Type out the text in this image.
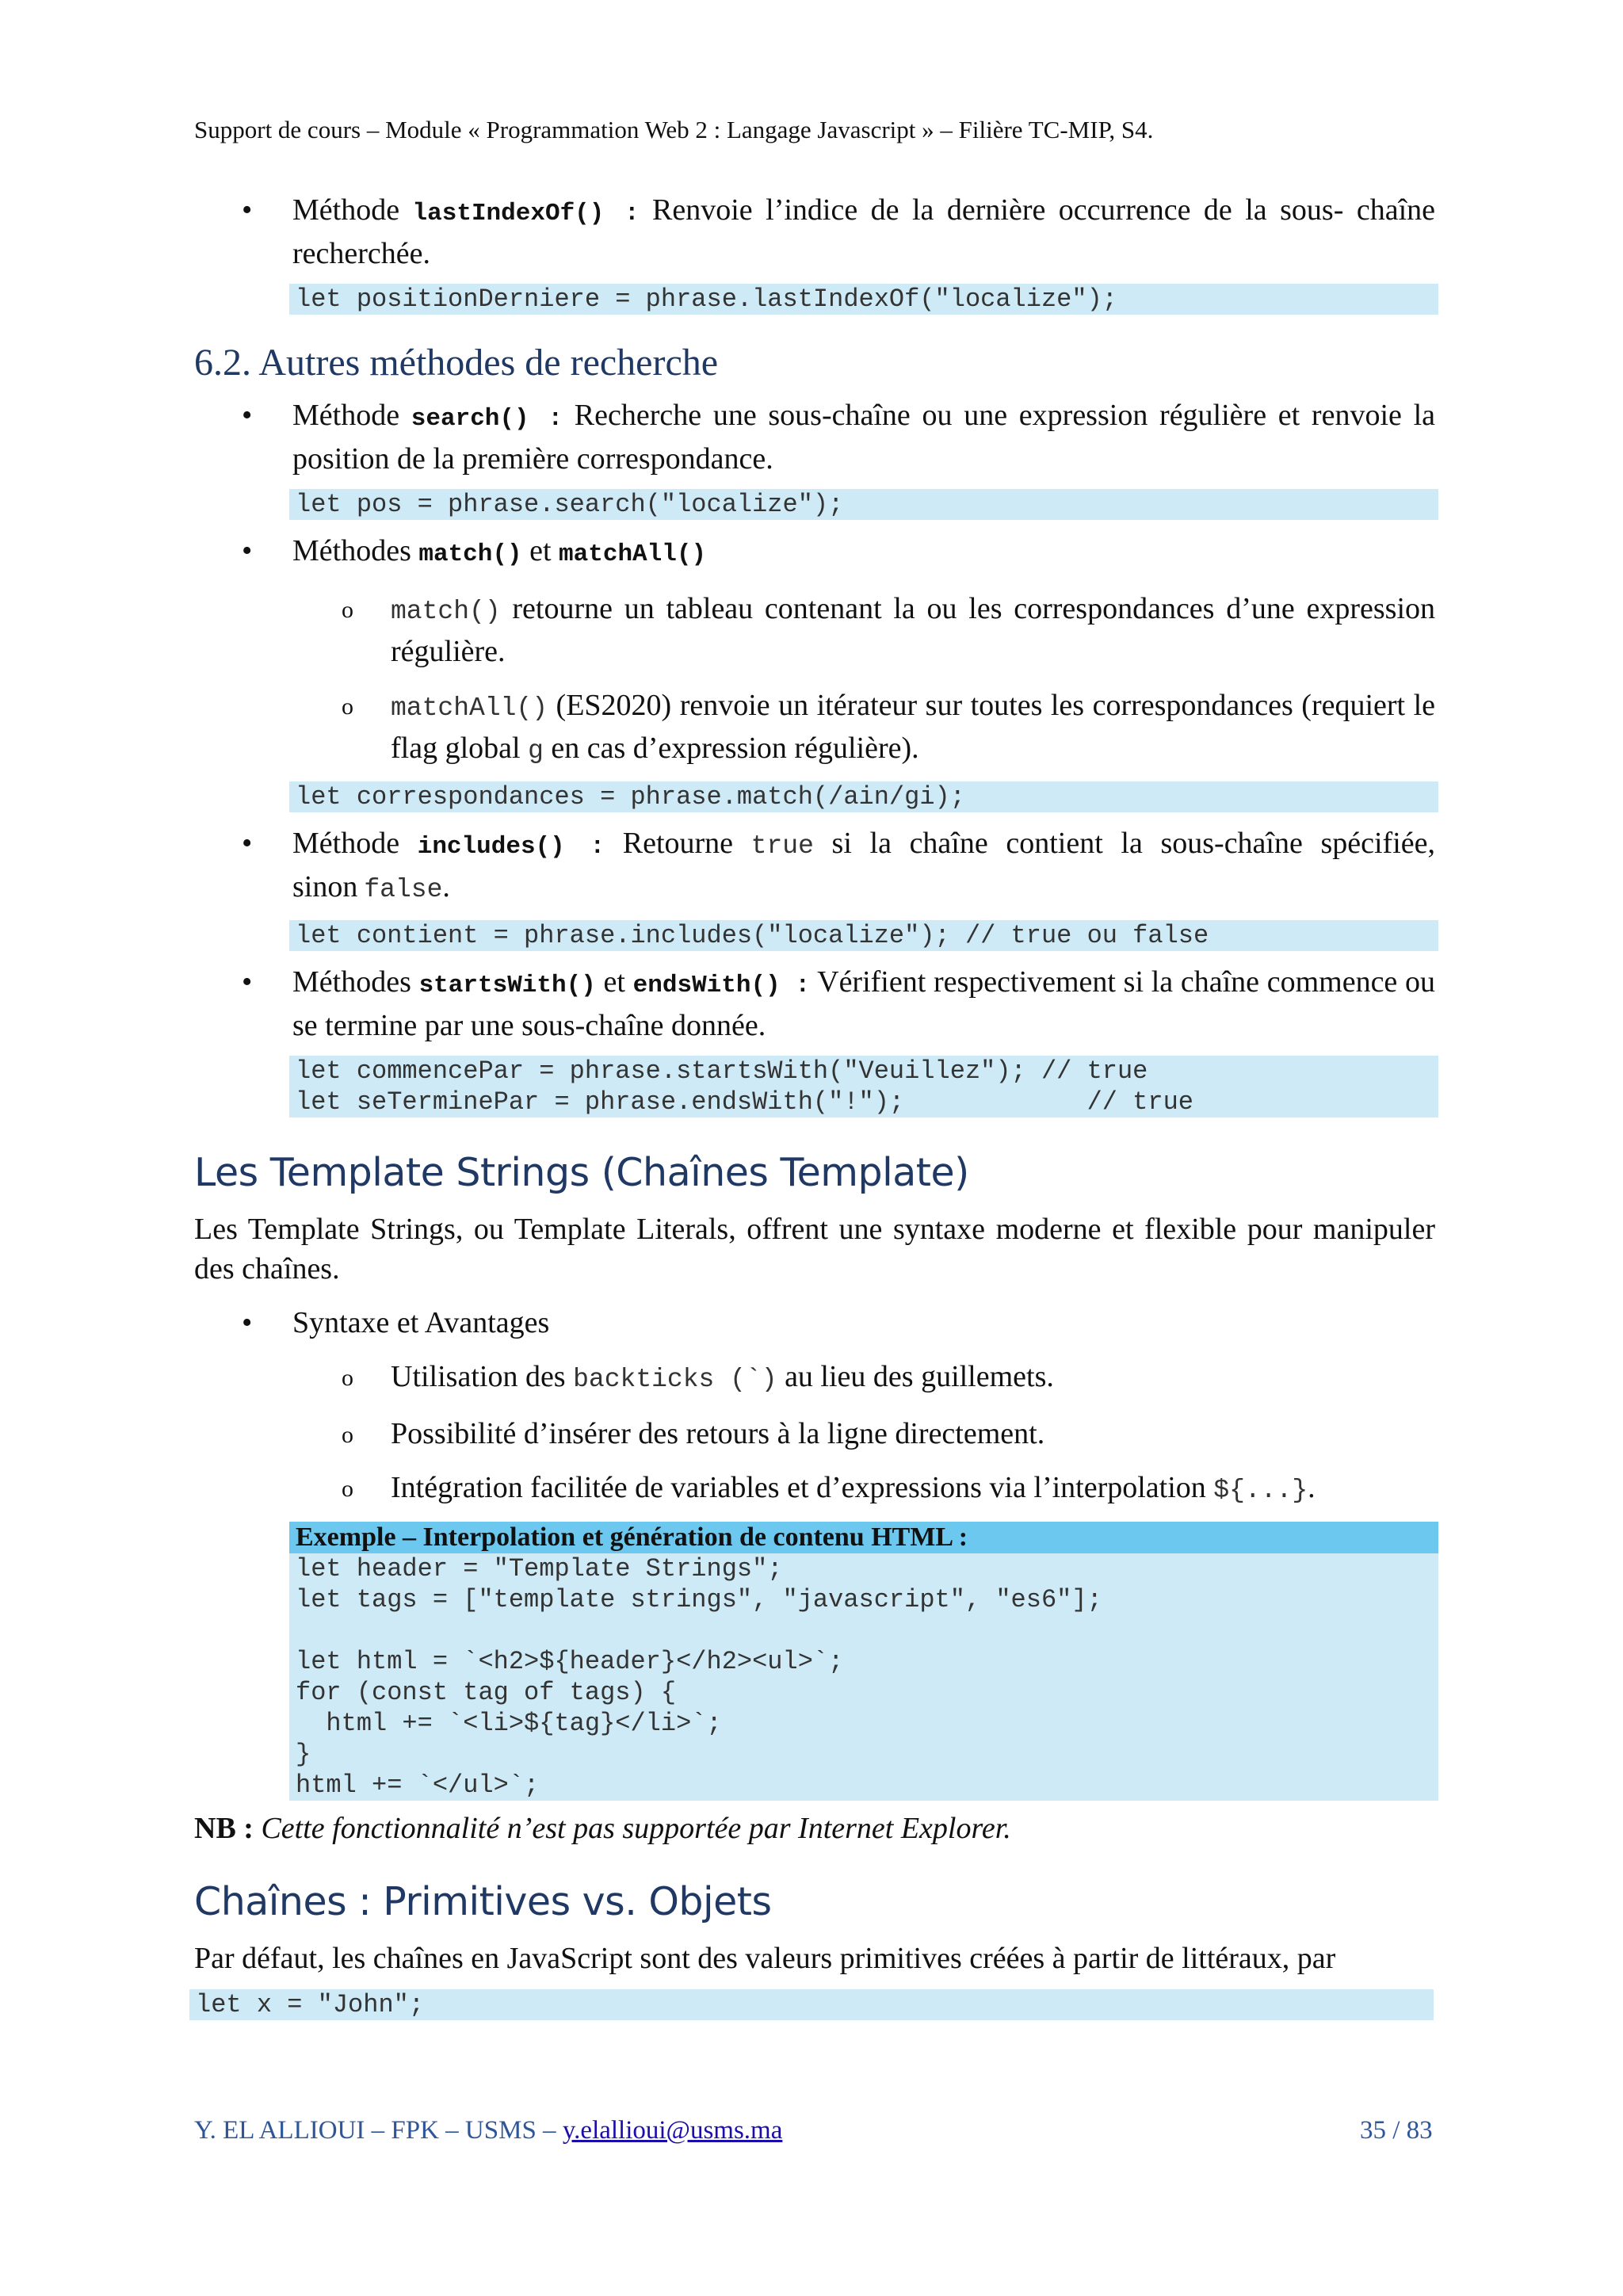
Support de cours – Module « Programmation Web 2 : Langage Javascript » – Filière TC-MIP, S4.
• Méthode lastIndexOf() : Renvoie l’indice de la dernière occurrence de la sous- chaîne recherchée.
let positionDerniere = phrase.lastIndexOf("localize");
6.2. Autres méthodes de recherche
• Méthode search() : Recherche une sous-chaîne ou une expression régulière et renvoie la position de la première correspondance.
let pos = phrase.search("localize");
• Méthodes match() et matchAll()
o match() retourne un tableau contenant la ou les correspondances d’une expression régulière.
o matchAll() (ES2020) renvoie un itérateur sur toutes les correspondances (requiert le flag global g en cas d’expression régulière).
let correspondances = phrase.match(/ain/gi);
• Méthode includes() : Retourne true si la chaîne contient la sous-chaîne spécifiée, sinon false.
let contient = phrase.includes("localize"); // true ou false
• Méthodes startsWith() et endsWith() : Vérifient respectivement si la chaîne commence ou se termine par une sous-chaîne donnée.
let commencePar = phrase.startsWith("Veuillez"); // true
let seTerminePar = phrase.endsWith("!");            // true
Les Template Strings (Chaînes Template)

Les Template Strings, ou Template Literals, offrent une syntaxe moderne et flexible pour manipuler des chaînes.

• Syntaxe et Avantages
o Utilisation des backticks (`) au lieu des guillemets.
o Possibilité d’insérer des retours à la ligne directement.
o Intégration facilitée de variables et d’expressions via l’interpolation ${...}.
Exemple – Interpolation et génération de contenu HTML :
let header = "Template Strings";
let tags = ["template strings", "javascript", "es6"];

let html = `<h2>${header}</h2><ul>`;
for (const tag of tags) {
html += `<li>${tag}</li>`;
}
html += `</ul>`;

NB : Cette fonctionnalité n’est pas supportée par Internet Explorer.

Chaînes : Primitives vs. Objets

Par défaut, les chaînes en JavaScript sont des valeurs primitives créées à partir de littéraux, par

let x = "John";
Y. EL ALLIOUI – FPK – USMS – y.elallioui@usms.ma	35 / 83
